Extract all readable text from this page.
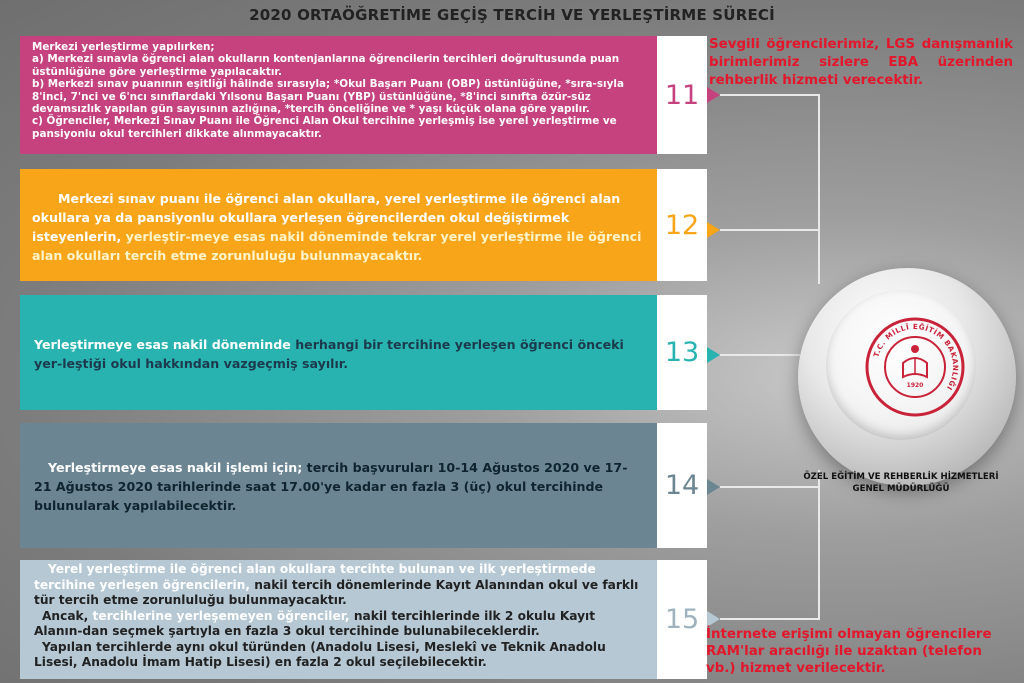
2020 ORTAÖĞRETİME GEÇİŞ TERCİH VE YERLEŞTİRME SÜRECİ
Merkezi yerleştirme yapılırken;
a) Merkezi sınavla öğrenci alan okulların kontenjanlarına öğrencilerin tercihleri doğrultusunda puan üstünlüğüne göre yerleştirme yapılacaktır.
b) Merkezi sınav puanının eşitliği hâlinde sırasıyla; *Okul Başarı Puanı (OBP) üstünlüğüne, *sıra-sıyla 8'inci, 7'nci ve 6'ncı sınıflardaki Yılsonu Başarı Puanı (YBP) üstünlüğüne, *8'inci sınıfta özür-süz devamsızlık yapılan gün sayısının azlığına, *tercih önceliğine ve * yaşı küçük olana göre yapılır.
c) Öğrenciler, Merkezi Sınav Puanı ile Öğrenci Alan Okul tercihine yerleşmiş ise yerel yerleştirme ve pansiyonlu okul tercihleri dikkate alınmayacaktır.
11
Merkezi sınav puanı ile öğrenci alan okullara, yerel yerleştirme ile öğrenci alan okullara ya da pansiyonlu okullara yerleşen öğrencilerden okul değiştirmek isteyenlerin, yerleştir-meye esas nakil döneminde tekrar yerel yerleştirme ile öğrenci alan okulları tercih etme zorunluluğu bulunmayacaktır.
12
Yerleştirmeye esas nakil döneminde herhangi bir tercihine yerleşen öğrenci önceki yer-leştiği okul hakkından vazgeçmiş sayılır.	13
Yerleştirmeye esas nakil işlemi için; tercih başvuruları 10-14 Ağustos 2020 ve 17-21 Ağustos 2020 tarihlerinde saat 17.00'ye kadar en fazla 3 (üç) okul tercihinde bulunularak yapılabilecektir.
14
Yerel yerleştirme ile öğrenci alan okullara tercihte bulunan ve ilk yerleştirmede tercihine yerleşen öğrencilerin, nakil tercih dönemlerinde Kayıt Alanından okul ve farklı tür tercih etme zorunluluğu bulunmayacaktır.
Ancak, tercihlerine yerleşemeyen öğrenciler, nakil tercihlerinde ilk 2 okulu Kayıt Alanın-dan seçmek şartıyla en fazla 3 okul tercihinde bulunabileceklerdir.
Yapılan tercihlerde aynı okul türünden (Anadolu Lisesi, Meslekî ve Teknik Anadolu Lisesi, Anadolu İmam Hatip Lisesi) en fazla 2 okul seçilebilecektir.
15
Sevgili öğrencilerimiz, LGS danışmanlık birimlerimiz sizlere EBA üzerinden rehberlik hizmeti verecektir.
İnternete erişimi olmayan öğrencilere RAM'lar aracılığı ile uzaktan (telefon vb.) hizmet verilecektir.
T.C. MİLLÎ EĞİTİM BAKANLIĞI
1920
ÖZEL EĞİTİM VE REHBERLİK HİZMETLERİ
GENEL MÜDÜRLÜĞÜ
